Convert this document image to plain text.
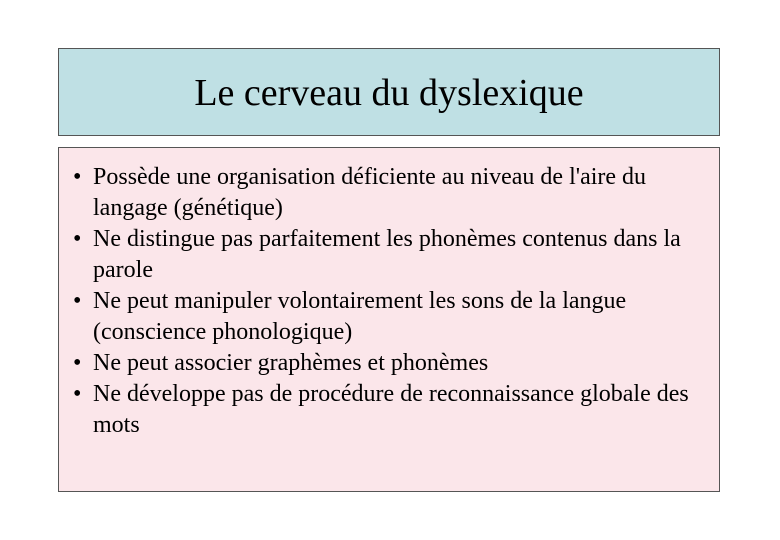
Le cerveau du dyslexique
• Possède une organisation déficiente au niveau de l'aire du langage (génétique)
• Ne distingue pas parfaitement les phonèmes contenus dans la parole
• Ne peut manipuler volontairement les sons de la langue (conscience phonologique)
• Ne peut associer graphèmes et phonèmes
• Ne développe pas de procédure de reconnaissance globale des mots
